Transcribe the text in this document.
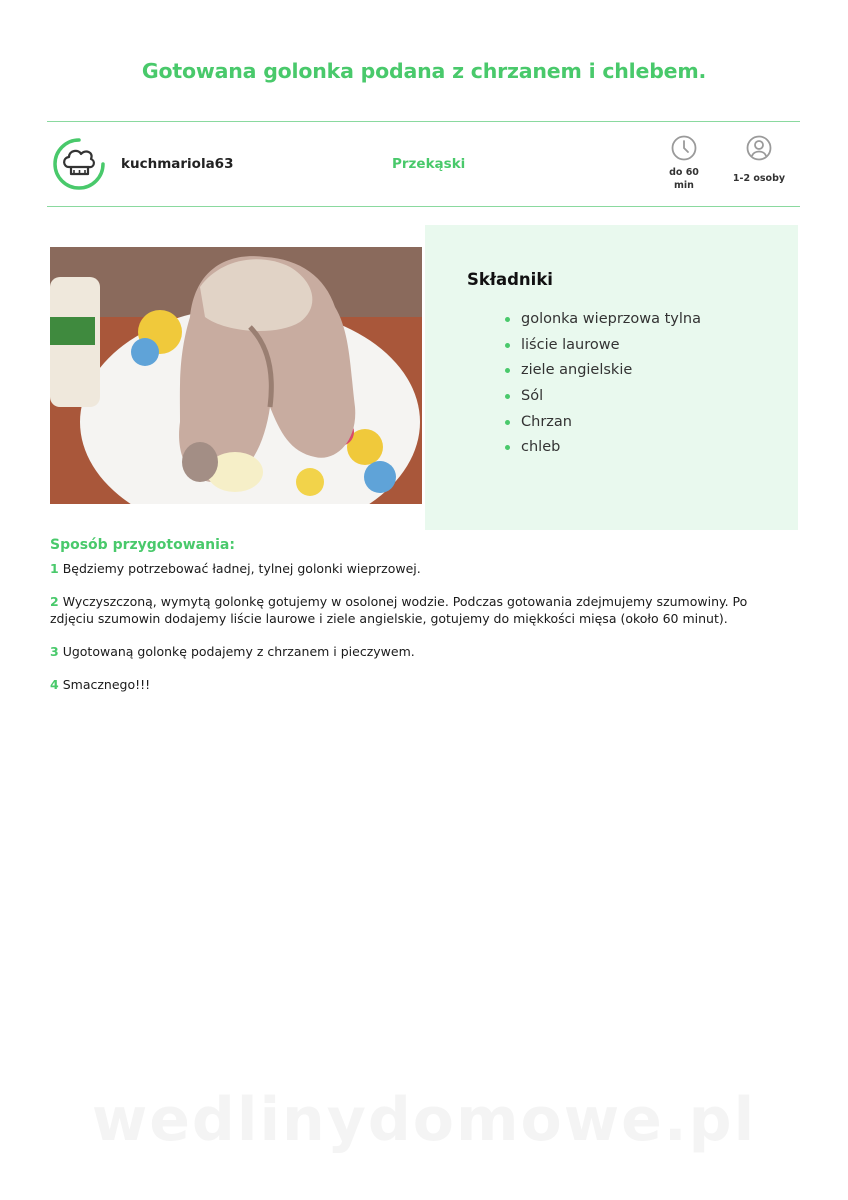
Gotowana golonka podana z chrzanem i chlebem.
kuchmariola63	Przekąski
do 60
min
1-2 osoby
Składniki
golonka wieprzowa tylna
liście laurowe
ziele angielskie
Sól
Chrzan
chleb
Sposób przygotowania:
1 Będziemy potrzebować ładnej, tylnej golonki wieprzowej.
2 Wyczyszczoną, wymytą golonkę gotujemy w osolonej wodzie. Podczas gotowania zdejmujemy szumowiny. Po zdjęciu szumowin dodajemy liście laurowe i ziele angielskie, gotujemy do miękkości mięsa (około 60 minut).
3 Ugotowaną golonkę podajemy z chrzanem i pieczywem.
4 Smacznego!!!
wedlinydomowe.pl
